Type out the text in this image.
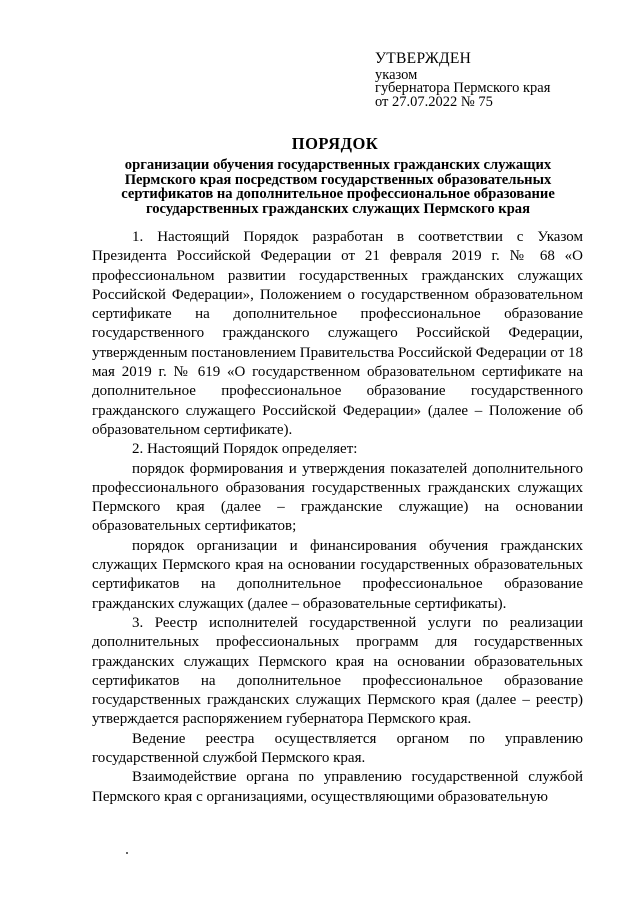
УТВЕРЖДЕН
указом
губернатора Пермского края
от 27.07.2022 № 75
ПОРЯДОК
организации обучения государственных гражданских служащих Пермского края посредством государственных образовательных сертификатов на дополнительное профессиональное образование государственных гражданских служащих Пермского края

1. Настоящий Порядок разработан в соответствии с Указом Президента Российской Федерации от 21 февраля 2019 г. № 68 «О профессиональном развитии государственных гражданских служащих Российской Федерации», Положением о государственном образовательном сертификате на дополнительное профессиональное образование государственного гражданского служащего Российской Федерации, утвержденным постановлением Правительства Российской Федерации от 18 мая 2019 г. № 619 «О государственном образовательном сертификате на дополнительное профессиональное образование государственного гражданского служащего Российской Федерации» (далее – Положение об образовательном сертификате).

2. Настоящий Порядок определяет:

порядок формирования и утверждения показателей дополнительного профессионального образования государственных гражданских служащих Пермского края (далее – гражданские служащие) на основании образовательных сертификатов;

порядок организации и финансирования обучения гражданских служащих Пермского края на основании государственных образовательных сертификатов на дополнительное профессиональное образование гражданских служащих (далее – образовательные сертификаты).

3. Реестр исполнителей государственной услуги по реализации дополнительных профессиональных программ для государственных гражданских служащих Пермского края на основании образовательных сертификатов на дополнительное профессиональное образование государственных гражданских служащих Пермского края (далее – реестр) утверждается распоряжением губернатора Пермского края.

Ведение реестра осуществляется органом по управлению государственной службой Пермского края.

Взаимодействие органа по управлению государственной службой Пермского края с организациями, осуществляющими образовательную
